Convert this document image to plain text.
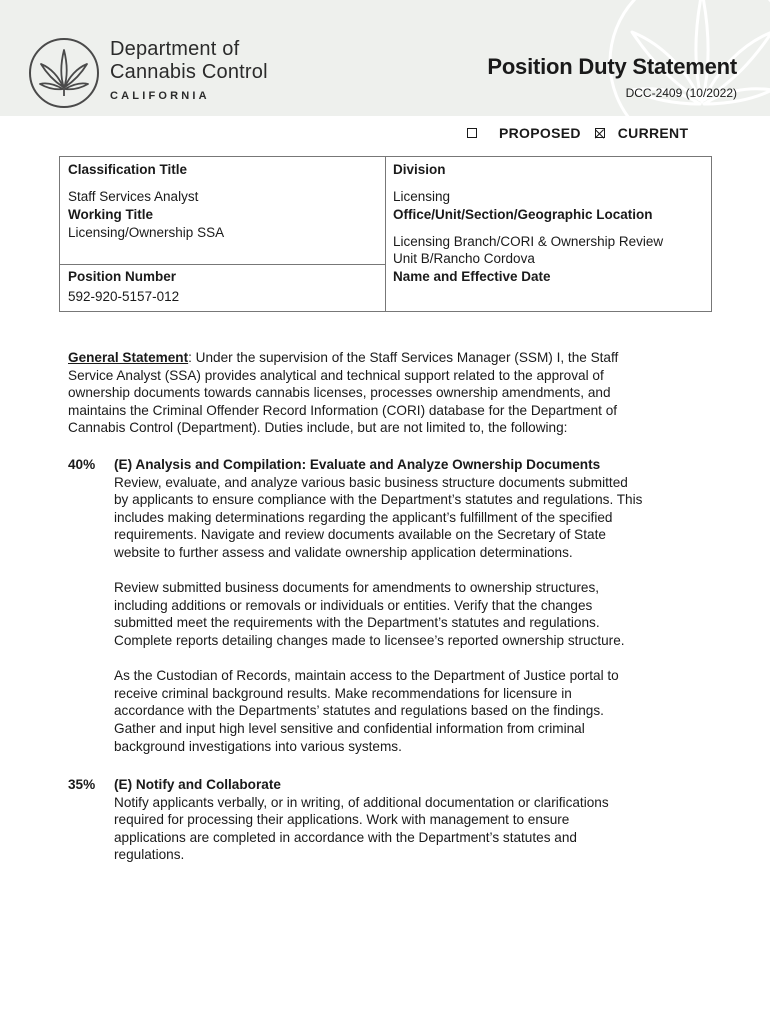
Department of
Cannabis Control
CALIFORNIA
Position Duty Statement
DCC-2409 (10/2022)
PROPOSED	CURRENT
Classification Title
Staff Services Analyst
Working Title
Licensing/Ownership SSA
Position Number
592-920-5157-012
Division
Licensing
Office/Unit/Section/Geographic Location
Licensing Branch/CORI & Ownership Review
Unit B/Rancho Cordova
Name and Effective Date
General Statement: Under the supervision of the Staff Services Manager (SSM) I, the Staff
Service Analyst (SSA) provides analytical and technical support related to the approval of
ownership documents towards cannabis licenses, processes ownership amendments, and
maintains the Criminal Offender Record Information (CORI) database for the Department of
Cannabis Control (Department). Duties include, but are not limited to, the following:
40% (E) Analysis and Compilation: Evaluate and Analyze Ownership Documents
Review, evaluate, and analyze various basic business structure documents submitted
by applicants to ensure compliance with the Department’s statutes and regulations. This
includes making determinations regarding the applicant’s fulfillment of the specified
requirements. Navigate and review documents available on the Secretary of State
website to further assess and validate ownership application determinations.
Review submitted business documents for amendments to ownership structures,
including additions or removals or individuals or entities. Verify that the changes
submitted meet the requirements with the Department’s statutes and regulations.
Complete reports detailing changes made to licensee’s reported ownership structure.
As the Custodian of Records, maintain access to the Department of Justice portal to
receive criminal background results. Make recommendations for licensure in
accordance with the Departments’ statutes and regulations based on the findings.
Gather and input high level sensitive and confidential information from criminal
background investigations into various systems.
35% (E) Notify and Collaborate
Notify applicants verbally, or in writing, of additional documentation or clarifications
required for processing their applications. Work with management to ensure
applications are completed in accordance with the Department’s statutes and
regulations.
